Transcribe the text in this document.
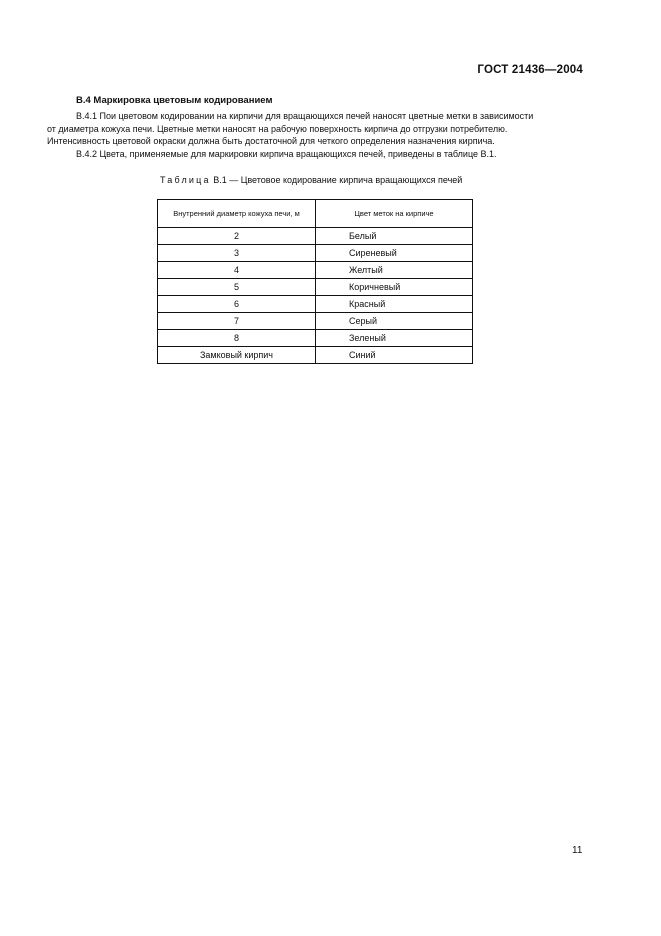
ГОСТ 21436—2004
В.4 Маркировка цветовым кодированием
В.4.1 Пои цветовом кодировании на кирпичи для вращающихся печей наносят цветные метки в зависимости
от диаметра кожуха печи. Цветные метки наносят на рабочую поверхность кирпича до отгрузки потребителю.
Интенсивность цветовой окраски должна быть достаточной для четкого определения назначения кирпича.
В.4.2 Цвета, применяемые для маркировки кирпича вращающихся печей, приведены в таблице В.1.
Таблица В.1 — Цветовое кодирование кирпича вращающихся печей
Внутренний диаметр кожуха печи, м	Цвет меток на кирпиче
2	Белый
3	Сиреневый
4	Желтый
5	Коричневый
6	Красный
7	Серый
8	Зеленый
Замковый кирпич	Синий
11
